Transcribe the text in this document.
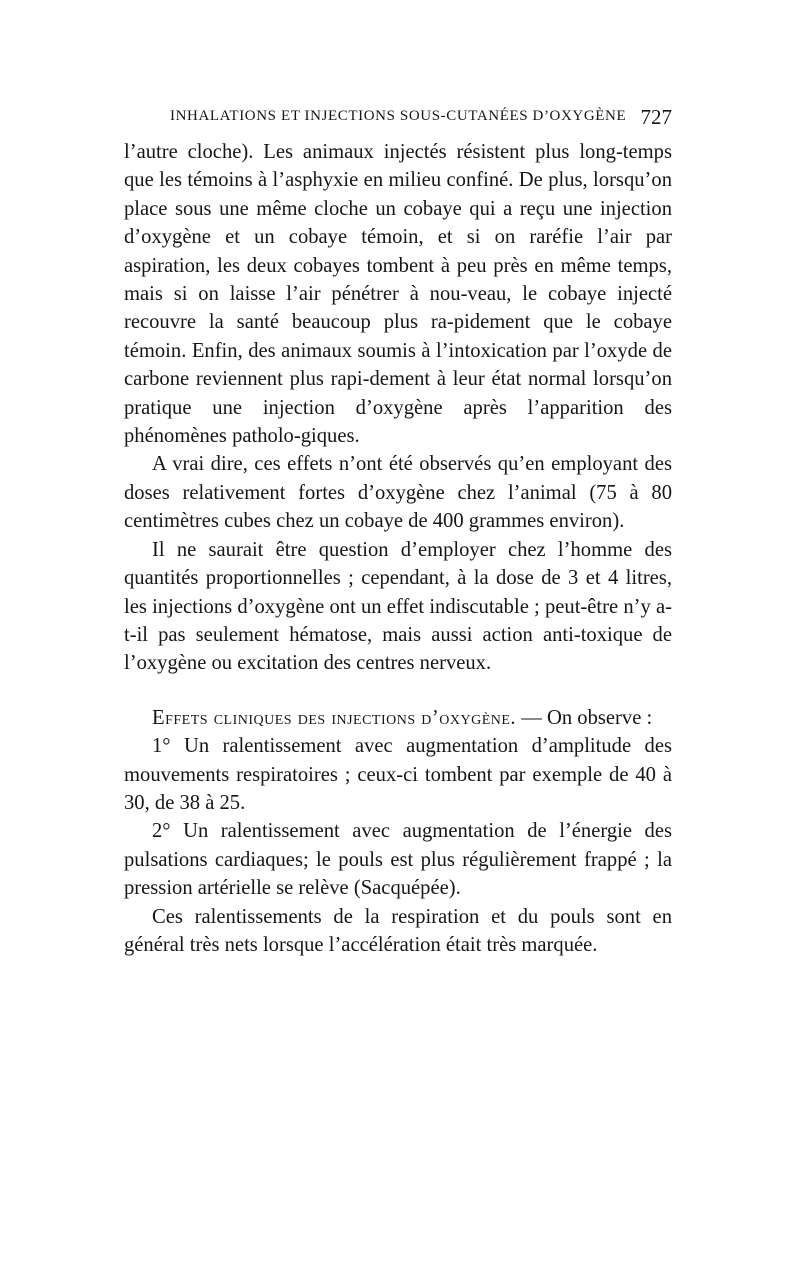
INHALATIONS ET INJECTIONS SOUS-CUTANÉES D’OXYGÈNE 727

l’autre cloche). Les animaux injectés résistent plus long-temps que les témoins à l’asphyxie en milieu confiné. De plus, lorsqu’on place sous une même cloche un cobaye qui a reçu une injection d’oxygène et un cobaye témoin, et si on raréfie l’air par aspiration, les deux cobayes tombent à peu près en même temps, mais si on laisse l’air pénétrer à nou-veau, le cobaye injecté recouvre la santé beaucoup plus ra-pidement que le cobaye témoin. Enfin, des animaux soumis à l’intoxication par l’oxyde de carbone reviennent plus rapi-dement à leur état normal lorsqu’on pratique une injection d’oxygène après l’apparition des phénomènes patholo-giques.

A vrai dire, ces effets n’ont été observés qu’en employant des doses relativement fortes d’oxygène chez l’animal (75 à 80 centimètres cubes chez un cobaye de 400 grammes environ).

Il ne saurait être question d’employer chez l’homme des quantités proportionnelles ; cependant, à la dose de 3 et 4 litres, les injections d’oxygène ont un effet indiscutable ; peut-être n’y a-t-il pas seulement hématose, mais aussi action anti-toxique de l’oxygène ou excitation des centres nerveux.

Effets cliniques des injections d’oxygène. — On observe :

1° Un ralentissement avec augmentation d’amplitude des mouvements respiratoires ; ceux-ci tombent par exemple de 40 à 30, de 38 à 25.

2° Un ralentissement avec augmentation de l’énergie des pulsations cardiaques; le pouls est plus régulièrement frappé ; la pression artérielle se relève (Sacquépée).

Ces ralentissements de la respiration et du pouls sont en général très nets lorsque l’accélération était très marquée.
